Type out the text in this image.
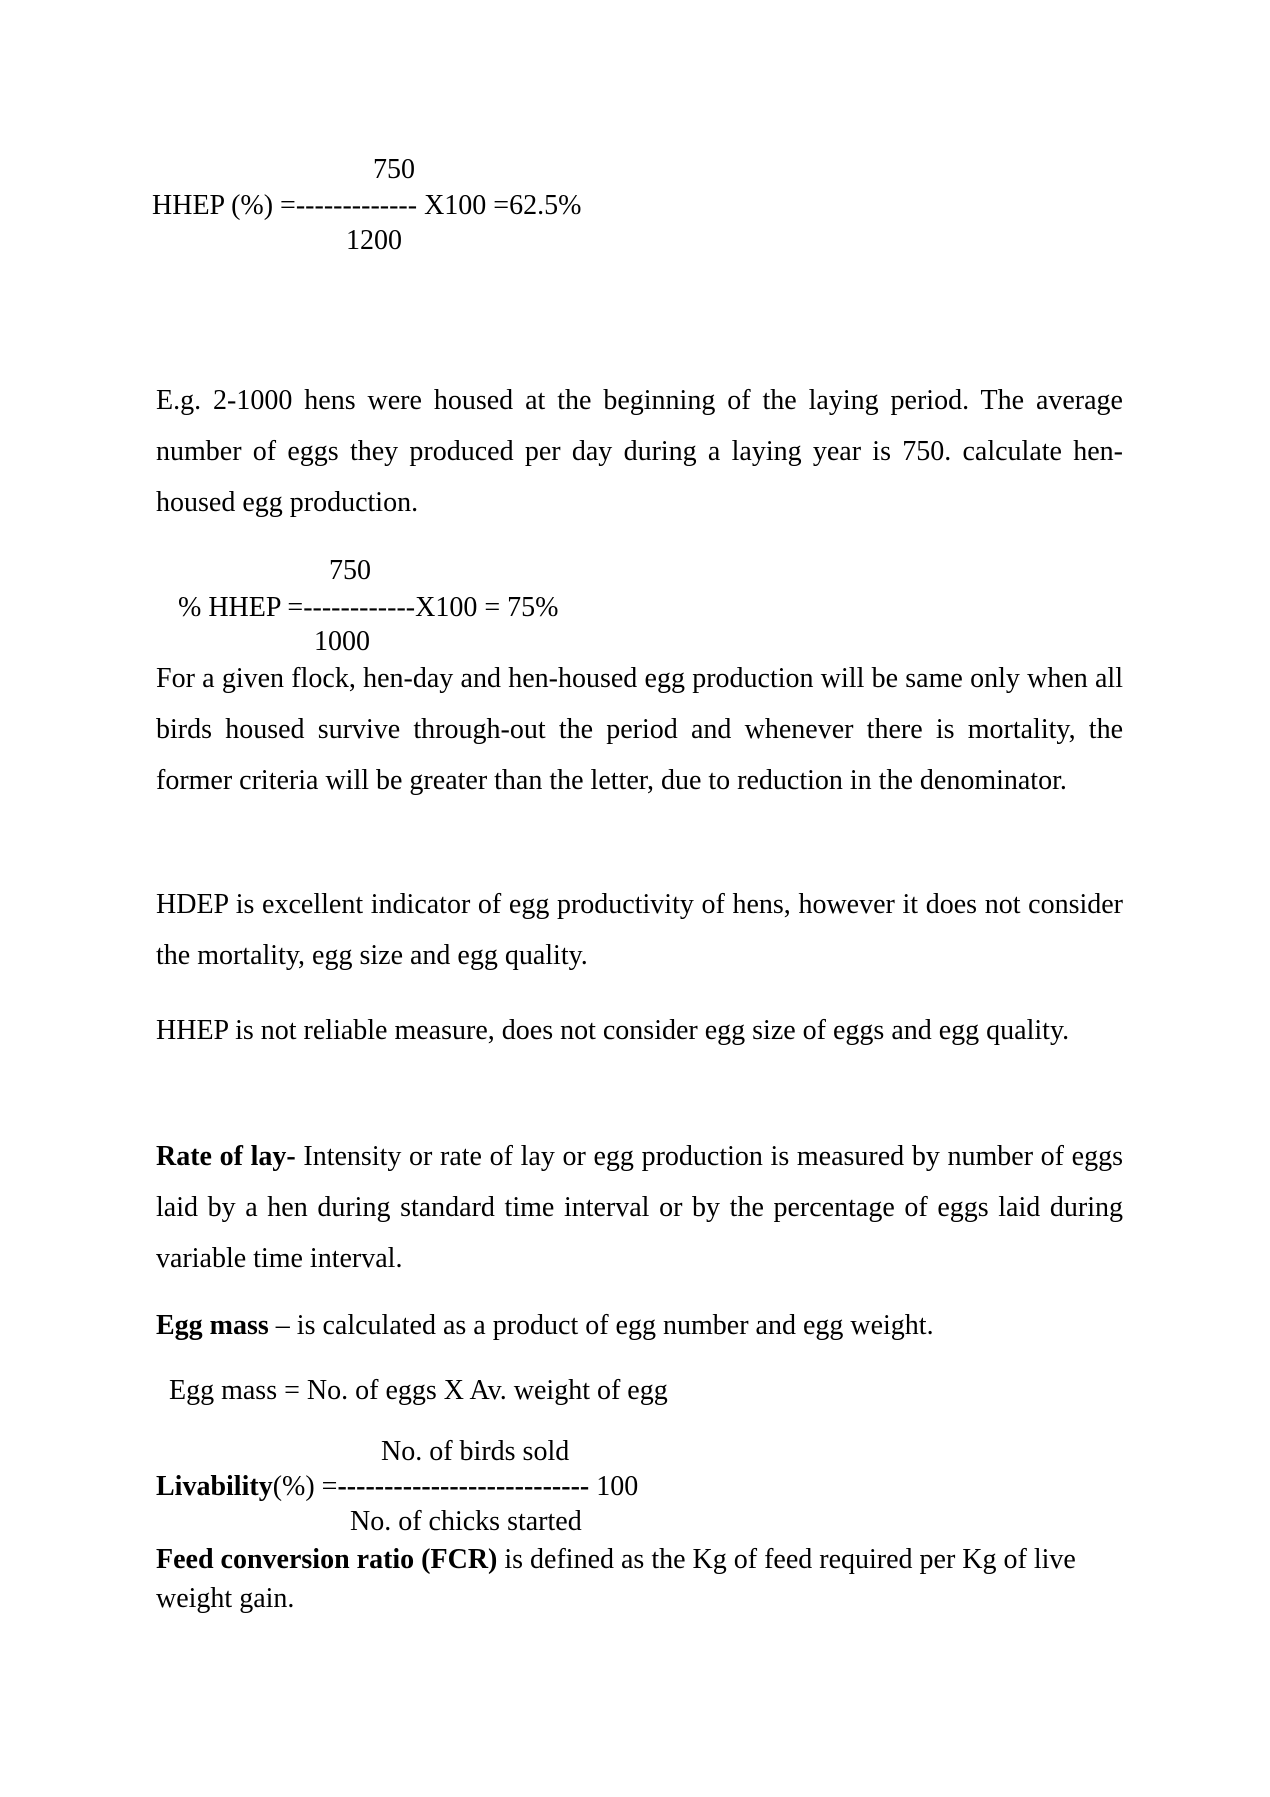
750
HHEP (%) =------------- X100 =62.5%
1200

E.g. 2-1000 hens were housed at the beginning of the laying period. The average number of eggs they produced per day during a laying year is 750. calculate hen-housed egg production.

750
% HHEP =------------X100 = 75%
1000

For a given flock, hen-day and hen-housed egg production will be same only when all birds housed survive through-out the period and whenever there is mortality, the former criteria will be greater than the letter, due to reduction in the denominator.

HDEP is excellent indicator of egg productivity of hens, however it does not consider the mortality, egg size and egg quality.

HHEP is not reliable measure, does not consider egg size of eggs and egg quality.

Rate of lay- Intensity or rate of lay or egg production is measured by number of eggs laid by a hen during standard time interval or by the percentage of eggs laid during variable time interval.

Egg mass – is calculated as a product of egg number and egg weight.

Egg mass = No. of eggs X Av. weight of egg
No. of birds sold
Livability(%) =--------------------------- 100
No. of chicks started

Feed conversion ratio (FCR) is defined as the Kg of feed required per Kg of live weight gain.
